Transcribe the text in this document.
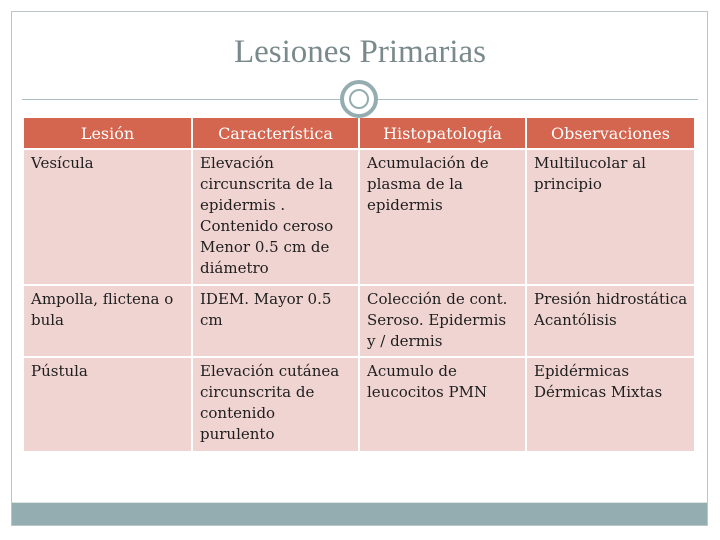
Lesiones Primarias
Lesión	Característica	Histopatología	Observaciones
Vesícula	Elevación circunscrita de la epidermis . Contenido ceroso Menor 0.5 cm de diámetro	Acumulación de plasma de la epidermis	Multilucolar al principio
Ampolla, flictena o bula	IDEM. Mayor 0.5 cm	Colección de cont. Seroso. Epidermis y / dermis	Presión hidrostática Acantólisis
Pústula	Elevación cutánea circunscrita de contenido purulento	Acumulo de leucocitos PMN	Epidérmicas Dérmicas Mixtas
